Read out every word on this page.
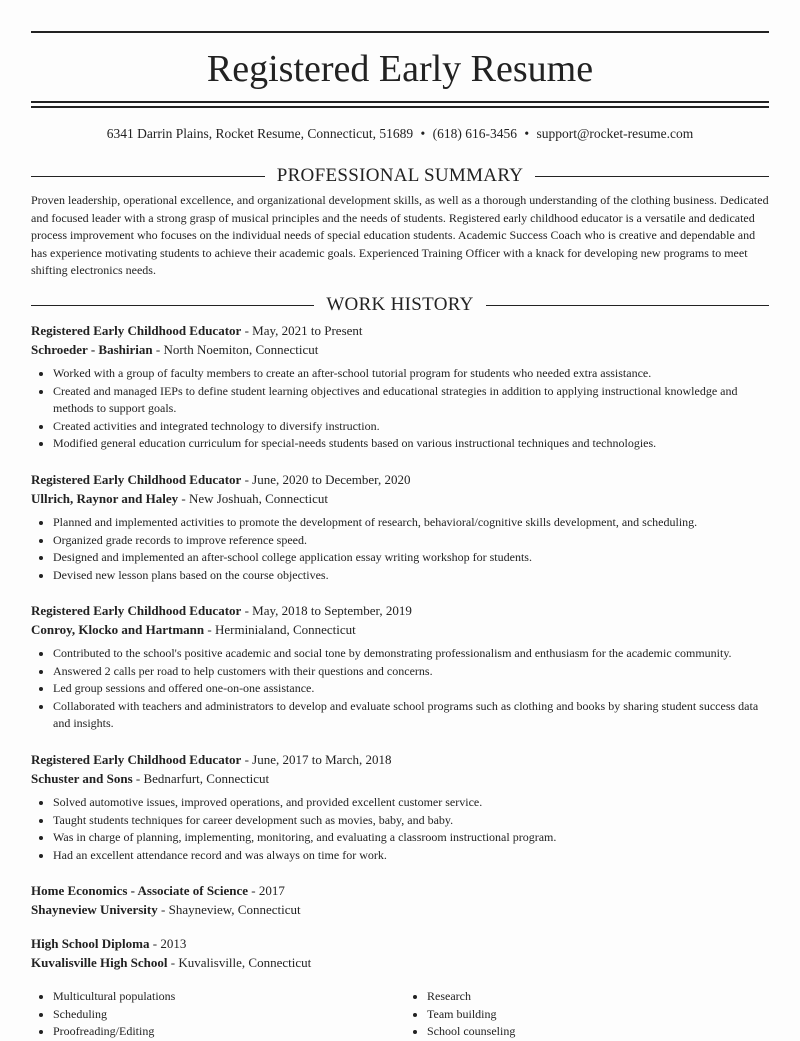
Registered Early Resume
6341 Darrin Plains, Rocket Resume, Connecticut, 51689 • (618) 616-3456 • support@rocket-resume.com
PROFESSIONAL SUMMARY
Proven leadership, operational excellence, and organizational development skills, as well as a thorough understanding of the clothing business. Dedicated and focused leader with a strong grasp of musical principles and the needs of students. Registered early childhood educator is a versatile and dedicated process improvement who focuses on the individual needs of special education students. Academic Success Coach who is creative and dependable and has experience motivating students to achieve their academic goals. Experienced Training Officer with a knack for developing new programs to meet shifting electronics needs.
WORK HISTORY
Registered Early Childhood Educator - May, 2021 to Present
Schroeder - Bashirian - North Noemiton, Connecticut
• Worked with a group of faculty members to create an after-school tutorial program for students who needed extra assistance.
• Created and managed IEPs to define student learning objectives and educational strategies in addition to applying instructional knowledge and methods to support goals.
• Created activities and integrated technology to diversify instruction.
• Modified general education curriculum for special-needs students based on various instructional techniques and technologies.
Registered Early Childhood Educator - June, 2020 to December, 2020
Ullrich, Raynor and Haley - New Joshuah, Connecticut
• Planned and implemented activities to promote the development of research, behavioral/cognitive skills development, and scheduling.
• Organized grade records to improve reference speed.
• Designed and implemented an after-school college application essay writing workshop for students.
• Devised new lesson plans based on the course objectives.
Registered Early Childhood Educator - May, 2018 to September, 2019
Conroy, Klocko and Hartmann - Herminialand, Connecticut
• Contributed to the school's positive academic and social tone by demonstrating professionalism and enthusiasm for the academic community.
• Answered 2 calls per road to help customers with their questions and concerns.
• Led group sessions and offered one-on-one assistance.
• Collaborated with teachers and administrators to develop and evaluate school programs such as clothing and books by sharing student success data and insights.
Registered Early Childhood Educator - June, 2017 to March, 2018
Schuster and Sons - Bednarfurt, Connecticut
• Solved automotive issues, improved operations, and provided excellent customer service.
• Taught students techniques for career development such as movies, baby, and baby.
• Was in charge of planning, implementing, monitoring, and evaluating a classroom instructional program.
• Had an excellent attendance record and was always on time for work.
Home Economics - Associate of Science - 2017
Shayneview University - Shayneview, Connecticut
High School Diploma - 2013
Kuvalisville High School - Kuvalisville, Connecticut
• Multicultural populations
• Scheduling
• Proofreading/Editing
• Research
• Team building
• School counseling
